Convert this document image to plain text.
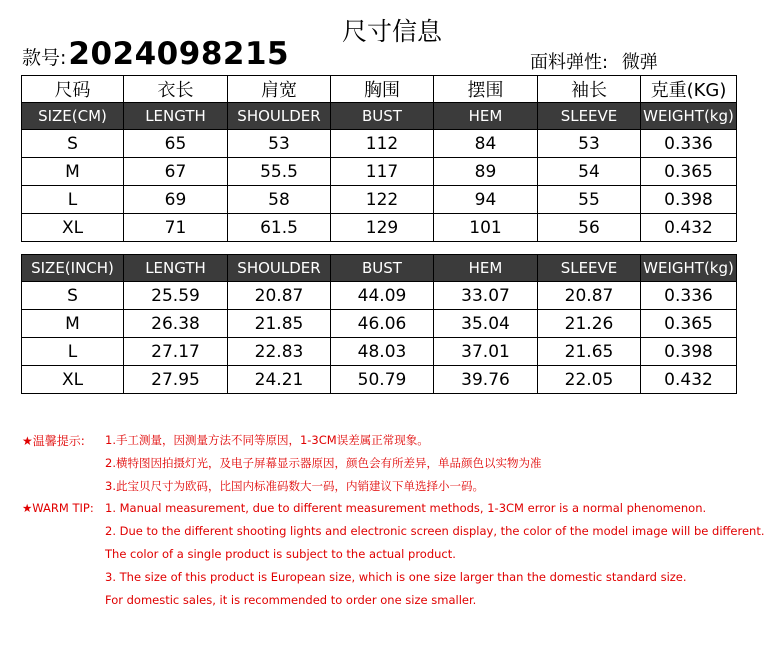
尺寸信息
款号: 2024098215	面料弹性: 微弹
尺码	衣长	肩宽	胸围	摆围	袖长	克重(KG)
SIZE(CM)	LENGTH	SHOULDER	BUST	HEM	SLEEVE	WEIGHT(kg)
S	65	53	112	84	53	0.336
M	67	55.5	117	89	54	0.365
L	69	58	122	94	55	0.398
XL	71	61.5	129	101	56	0.432
SIZE(INCH)	LENGTH	SHOULDER	BUST	HEM	SLEEVE	WEIGHT(kg)
S	25.59	20.87	44.09	33.07	20.87	0.336
M	26.38	21.85	46.06	35.04	21.26	0.365
L	27.17	22.83	48.03	37.01	21.65	0.398
XL	27.95	24.21	50.79	39.76	22.05	0.432
★温馨提示: 1.手工测量，因测量方法不同等原因，1-3CM误差属正常现象。
2.横特图因拍摄灯光，及电子屏幕显示器原因，颜色会有所差异，单品颜色以实物为准
3.此宝贝尺寸为欧码，比国内标准码数大一码，内销建议下单选择小一码。
★WARM TIP: 1. Manual measurement, due to different measurement methods, 1-3CM error is a normal phenomenon.
2. Due to the different shooting lights and electronic screen display, the color of the model image will be different.
The color of a single product is subject to the actual product.
3. The size of this product is European size, which is one size larger than the domestic standard size.
For domestic sales, it is recommended to order one size smaller.
